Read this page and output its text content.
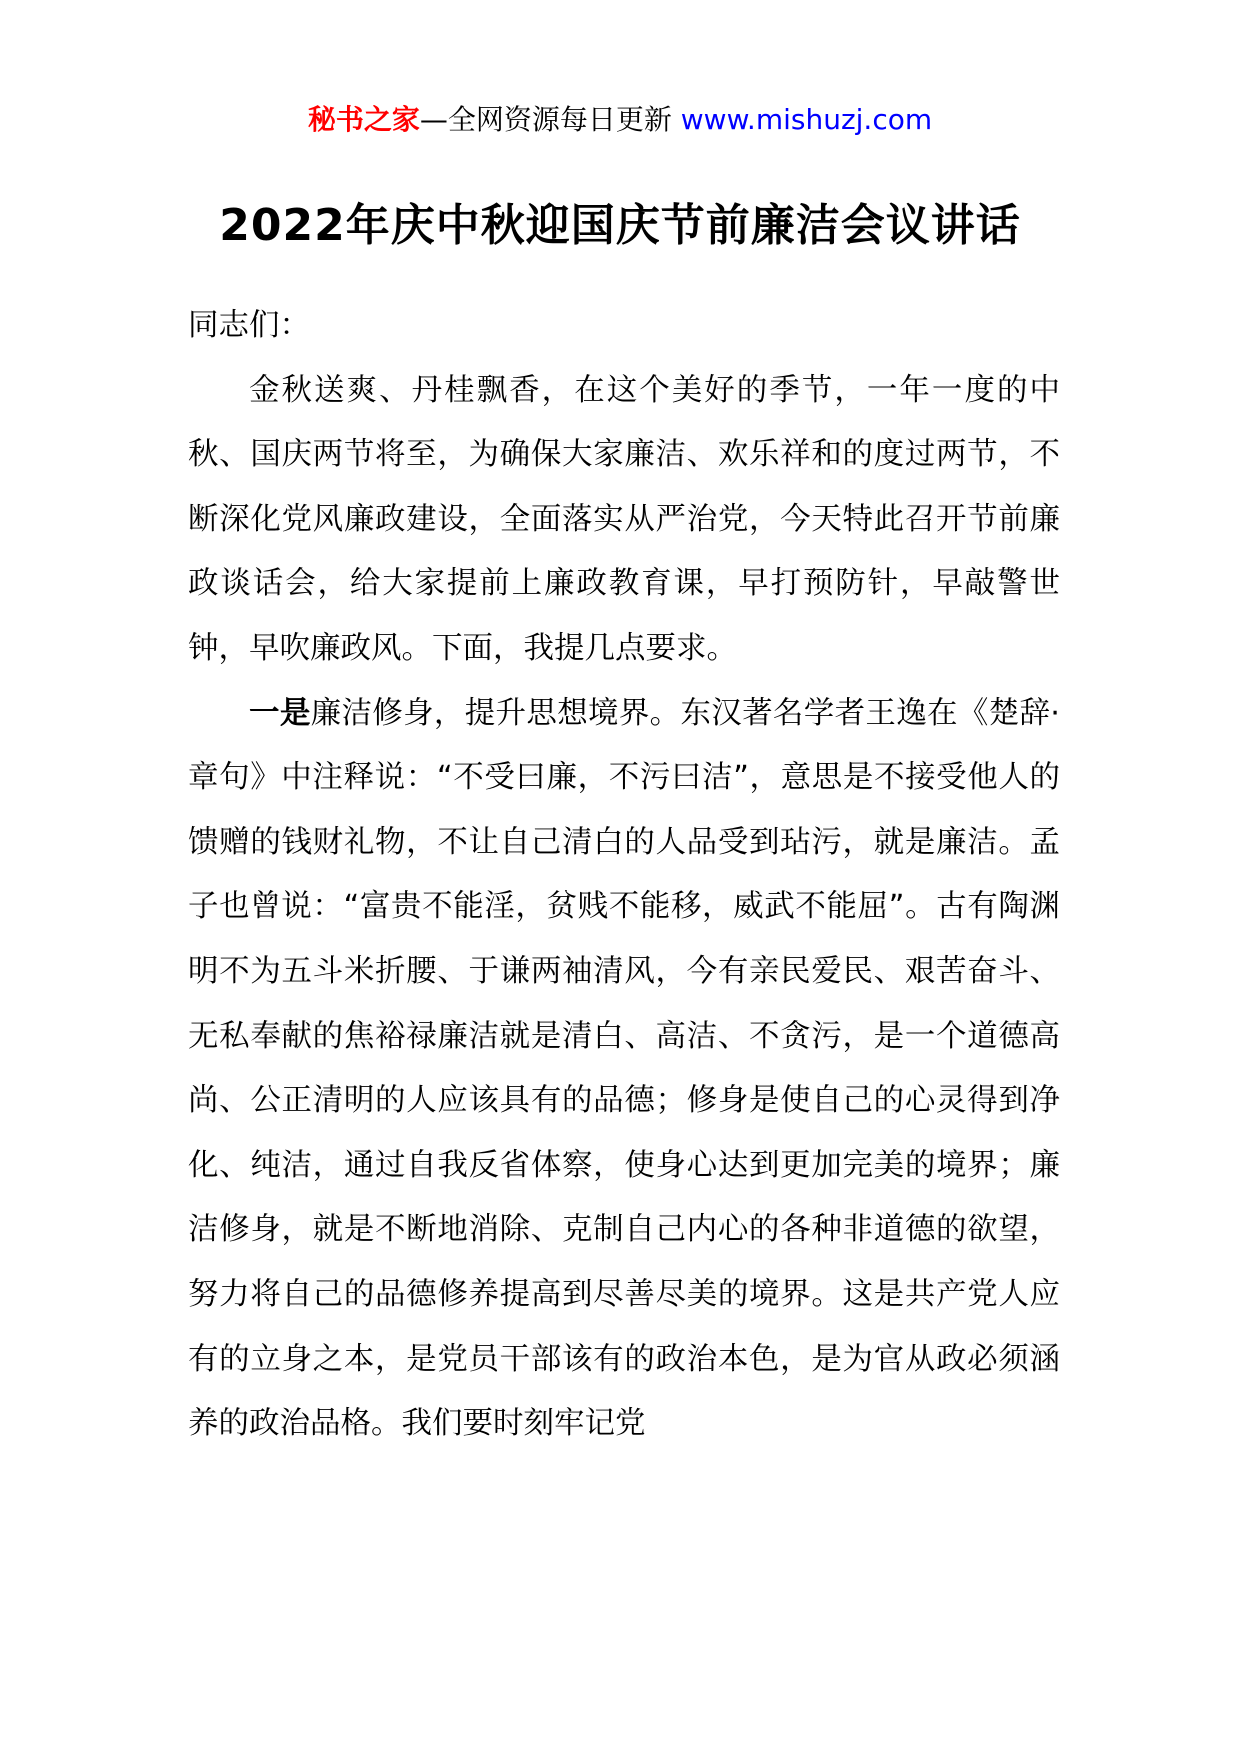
秘书之家—全网资源每日更新 www.mishuzj.com
2022年庆中秋迎国庆节前廉洁会议讲话

同志们：

金秋送爽、丹桂飘香，在这个美好的季节，一年一度的中秋、国庆两节将至，为确保大家廉洁、欢乐祥和的度过两节，不断深化党风廉政建设，全面落实从严治党，今天特此召开节前廉政谈话会，给大家提前上廉政教育课，早打预防针，早敲警世钟，早吹廉政风。下面，我提几点要求。

一是廉洁修身，提升思想境界。东汉著名学者王逸在《楚辞·章句》中注释说：“不受曰廉，不污曰洁”，意思是不接受他人的馈赠的钱财礼物，不让自己清白的人品受到玷污，就是廉洁。孟子也曾说：“富贵不能淫，贫贱不能移，威武不能屈”。古有陶渊明不为五斗米折腰、于谦两袖清风，今有亲民爱民、艰苦奋斗、无私奉献的焦裕禄廉洁就是清白、高洁、不贪污，是一个道德高尚、公正清明的人应该具有的品德；修身是使自己的心灵得到净化、纯洁，通过自我反省体察，使身心达到更加完美的境界；廉洁修身，就是不断地消除、克制自己内心的各种非道德的欲望，努力将自己的品德修养提高到尽善尽美的境界。这是共产党人应有的立身之本，是党员干部该有的政治本色，是为官从政必须涵养的政治品格。我们要时刻牢记党
